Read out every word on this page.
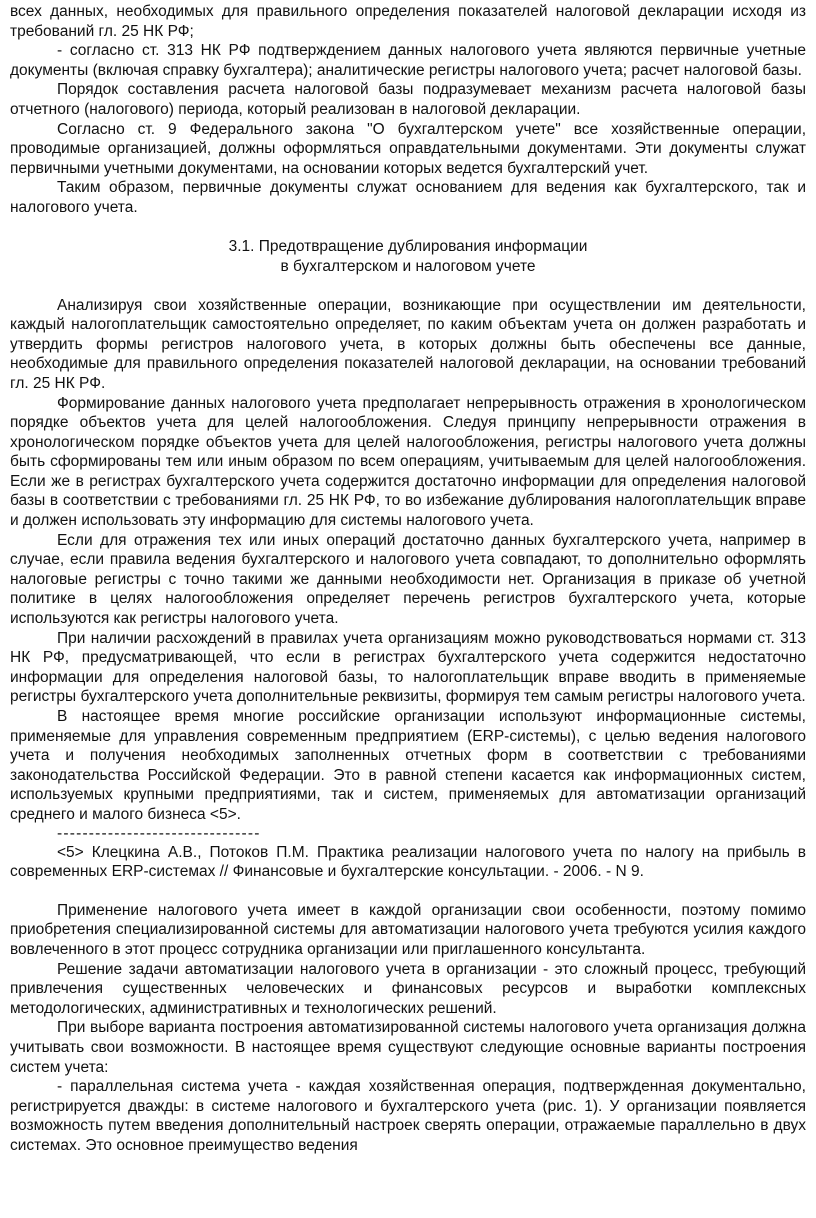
всех данных, необходимых для правильного определения показателей налоговой декларации исходя из требований гл. 25 НК РФ;

- согласно ст. 313 НК РФ подтверждением данных налогового учета являются первичные учетные документы (включая справку бухгалтера); аналитические регистры налогового учета; расчет налоговой базы.

Порядок составления расчета налоговой базы подразумевает механизм расчета налоговой базы отчетного (налогового) периода, который реализован в налоговой декларации.

Согласно ст. 9 Федерального закона "О бухгалтерском учете" все хозяйственные операции, проводимые организацией, должны оформляться оправдательными документами. Эти документы служат первичными учетными документами, на основании которых ведется бухгалтерский учет.

Таким образом, первичные документы служат основанием для ведения как бухгалтерского, так и налогового учета.

3.1. Предотвращение дублирования информации
в бухгалтерском и налоговом учете

Анализируя свои хозяйственные операции, возникающие при осуществлении им деятельности, каждый налогоплательщик самостоятельно определяет, по каким объектам учета он должен разработать и утвердить формы регистров налогового учета, в которых должны быть обеспечены все данные, необходимые для правильного определения показателей налоговой декларации, на основании требований гл. 25 НК РФ.

Формирование данных налогового учета предполагает непрерывность отражения в хронологическом порядке объектов учета для целей налогообложения. Следуя принципу непрерывности отражения в хронологическом порядке объектов учета для целей налогообложения, регистры налогового учета должны быть сформированы тем или иным образом по всем операциям, учитываемым для целей налогообложения. Если же в регистрах бухгалтерского учета содержится достаточно информации для определения налоговой базы в соответствии с требованиями гл. 25 НК РФ, то во избежание дублирования налогоплательщик вправе и должен использовать эту информацию для системы налогового учета.

Если для отражения тех или иных операций достаточно данных бухгалтерского учета, например в случае, если правила ведения бухгалтерского и налогового учета совпадают, то дополнительно оформлять налоговые регистры с точно такими же данными необходимости нет. Организация в приказе об учетной политике в целях налогообложения определяет перечень регистров бухгалтерского учета, которые используются как регистры налогового учета.

При наличии расхождений в правилах учета организациям можно руководствоваться нормами ст. 313 НК РФ, предусматривающей, что если в регистрах бухгалтерского учета содержится недостаточно информации для определения налоговой базы, то налогоплательщик вправе вводить в применяемые регистры бухгалтерского учета дополнительные реквизиты, формируя тем самым регистры налогового учета.

В настоящее время многие российские организации используют информационные системы, применяемые для управления современным предприятием (ERP-системы), с целью ведения налогового учета и получения необходимых заполненных отчетных форм в соответствии с требованиями законодательства Российской Федерации. Это в равной степени касается как информационных систем, используемых крупными предприятиями, так и систем, применяемых для автоматизации организаций среднего и малого бизнеса <5>.

--------------------------------

<5> Клецкина А.В., Потоков П.М. Практика реализации налогового учета по налогу на прибыль в современных ERP-системах // Финансовые и бухгалтерские консультации. - 2006. - N 9.

Применение налогового учета имеет в каждой организации свои особенности, поэтому помимо приобретения специализированной системы для автоматизации налогового учета требуются усилия каждого вовлеченного в этот процесс сотрудника организации или приглашенного консультанта.

Решение задачи автоматизации налогового учета в организации - это сложный процесс, требующий привлечения существенных человеческих и финансовых ресурсов и выработки комплексных методологических, административных и технологических решений.

При выборе варианта построения автоматизированной системы налогового учета организация должна учитывать свои возможности. В настоящее время существуют следующие основные варианты построения систем учета:

- параллельная система учета - каждая хозяйственная операция, подтвержденная документально, регистрируется дважды: в системе налогового и бухгалтерского учета (рис. 1). У организации появляется возможность путем введения дополнительный настроек сверять операции, отражаемые параллельно в двух системах. Это основное преимущество ведения
